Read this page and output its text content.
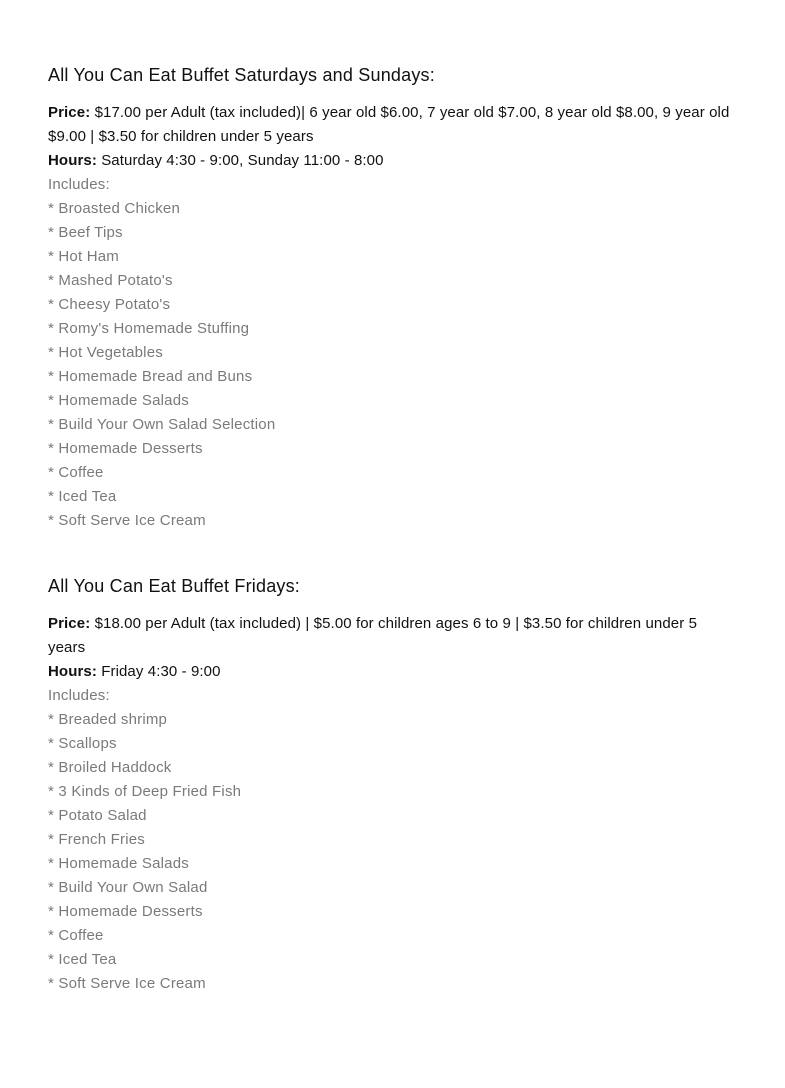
All You Can Eat Buffet Saturdays and Sundays:
Price: $17.00 per Adult (tax included)| 6 year old $6.00, 7 year old $7.00, 8 year old $8.00, 9 year old $9.00 | $3.50 for children under 5 years
Hours: Saturday 4:30 - 9:00, Sunday 11:00 - 8:00
Includes:
* Broasted Chicken
* Beef Tips
* Hot Ham
* Mashed Potato's
* Cheesy Potato's
* Romy's Homemade Stuffing
* Hot Vegetables
* Homemade Bread and Buns
* Homemade Salads
* Build Your Own Salad Selection
* Homemade Desserts
* Coffee
* Iced Tea
* Soft Serve Ice Cream
All You Can Eat Buffet Fridays:
Price: $18.00 per Adult (tax included) | $5.00 for children ages 6 to 9 | $3.50 for children under 5 years
Hours: Friday 4:30 - 9:00
Includes:
* Breaded shrimp
* Scallops
* Broiled Haddock
* 3 Kinds of Deep Fried Fish
* Potato Salad
* French Fries
* Homemade Salads
* Build Your Own Salad
* Homemade Desserts
* Coffee
* Iced Tea
* Soft Serve Ice Cream
